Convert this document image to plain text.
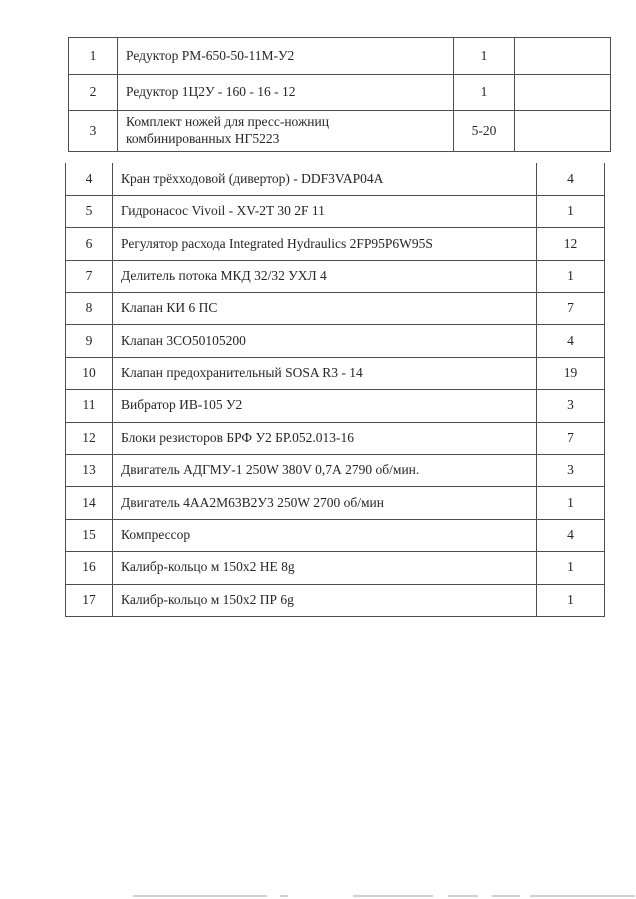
1	Редуктор РМ-650-50-11М-У2	1	
2	Редуктор 1Ц2У - 160 - 16 - 12	1	
3	Комплект ножей для пресс-ножниц комбинированных НГ5223	5-20	
4	Кран трёхходовой (дивертор) - DDF3VAP04A	4
5	Гидронасос Vivoil - XV-2T 30 2F 11	1
6	Регулятор расхода Integrated Hydraulics 2FP95P6W95S	12
7	Делитель потока МКД 32/32 УХЛ 4	1
8	Клапан КИ 6 ПС	7
9	Клапан 3CO50105200	4
10	Клапан предохранительный SOSA R3 - 14	19
11	Вибратор ИВ-105 У2	3
12	Блоки резисторов БРФ У2 БР.052.013-16	7
13	Двигатель АДГМУ-1 250W 380V 0,7А 2790 об/мин.	3
14	Двигатель 4АА2М63В2У3 250W 2700 об/мин	1
15	Компрессор	4
16	Калибр-кольцо м 150х2 НЕ 8g	1
17	Калибр-кольцо м 150х2 ПР 6g	1
